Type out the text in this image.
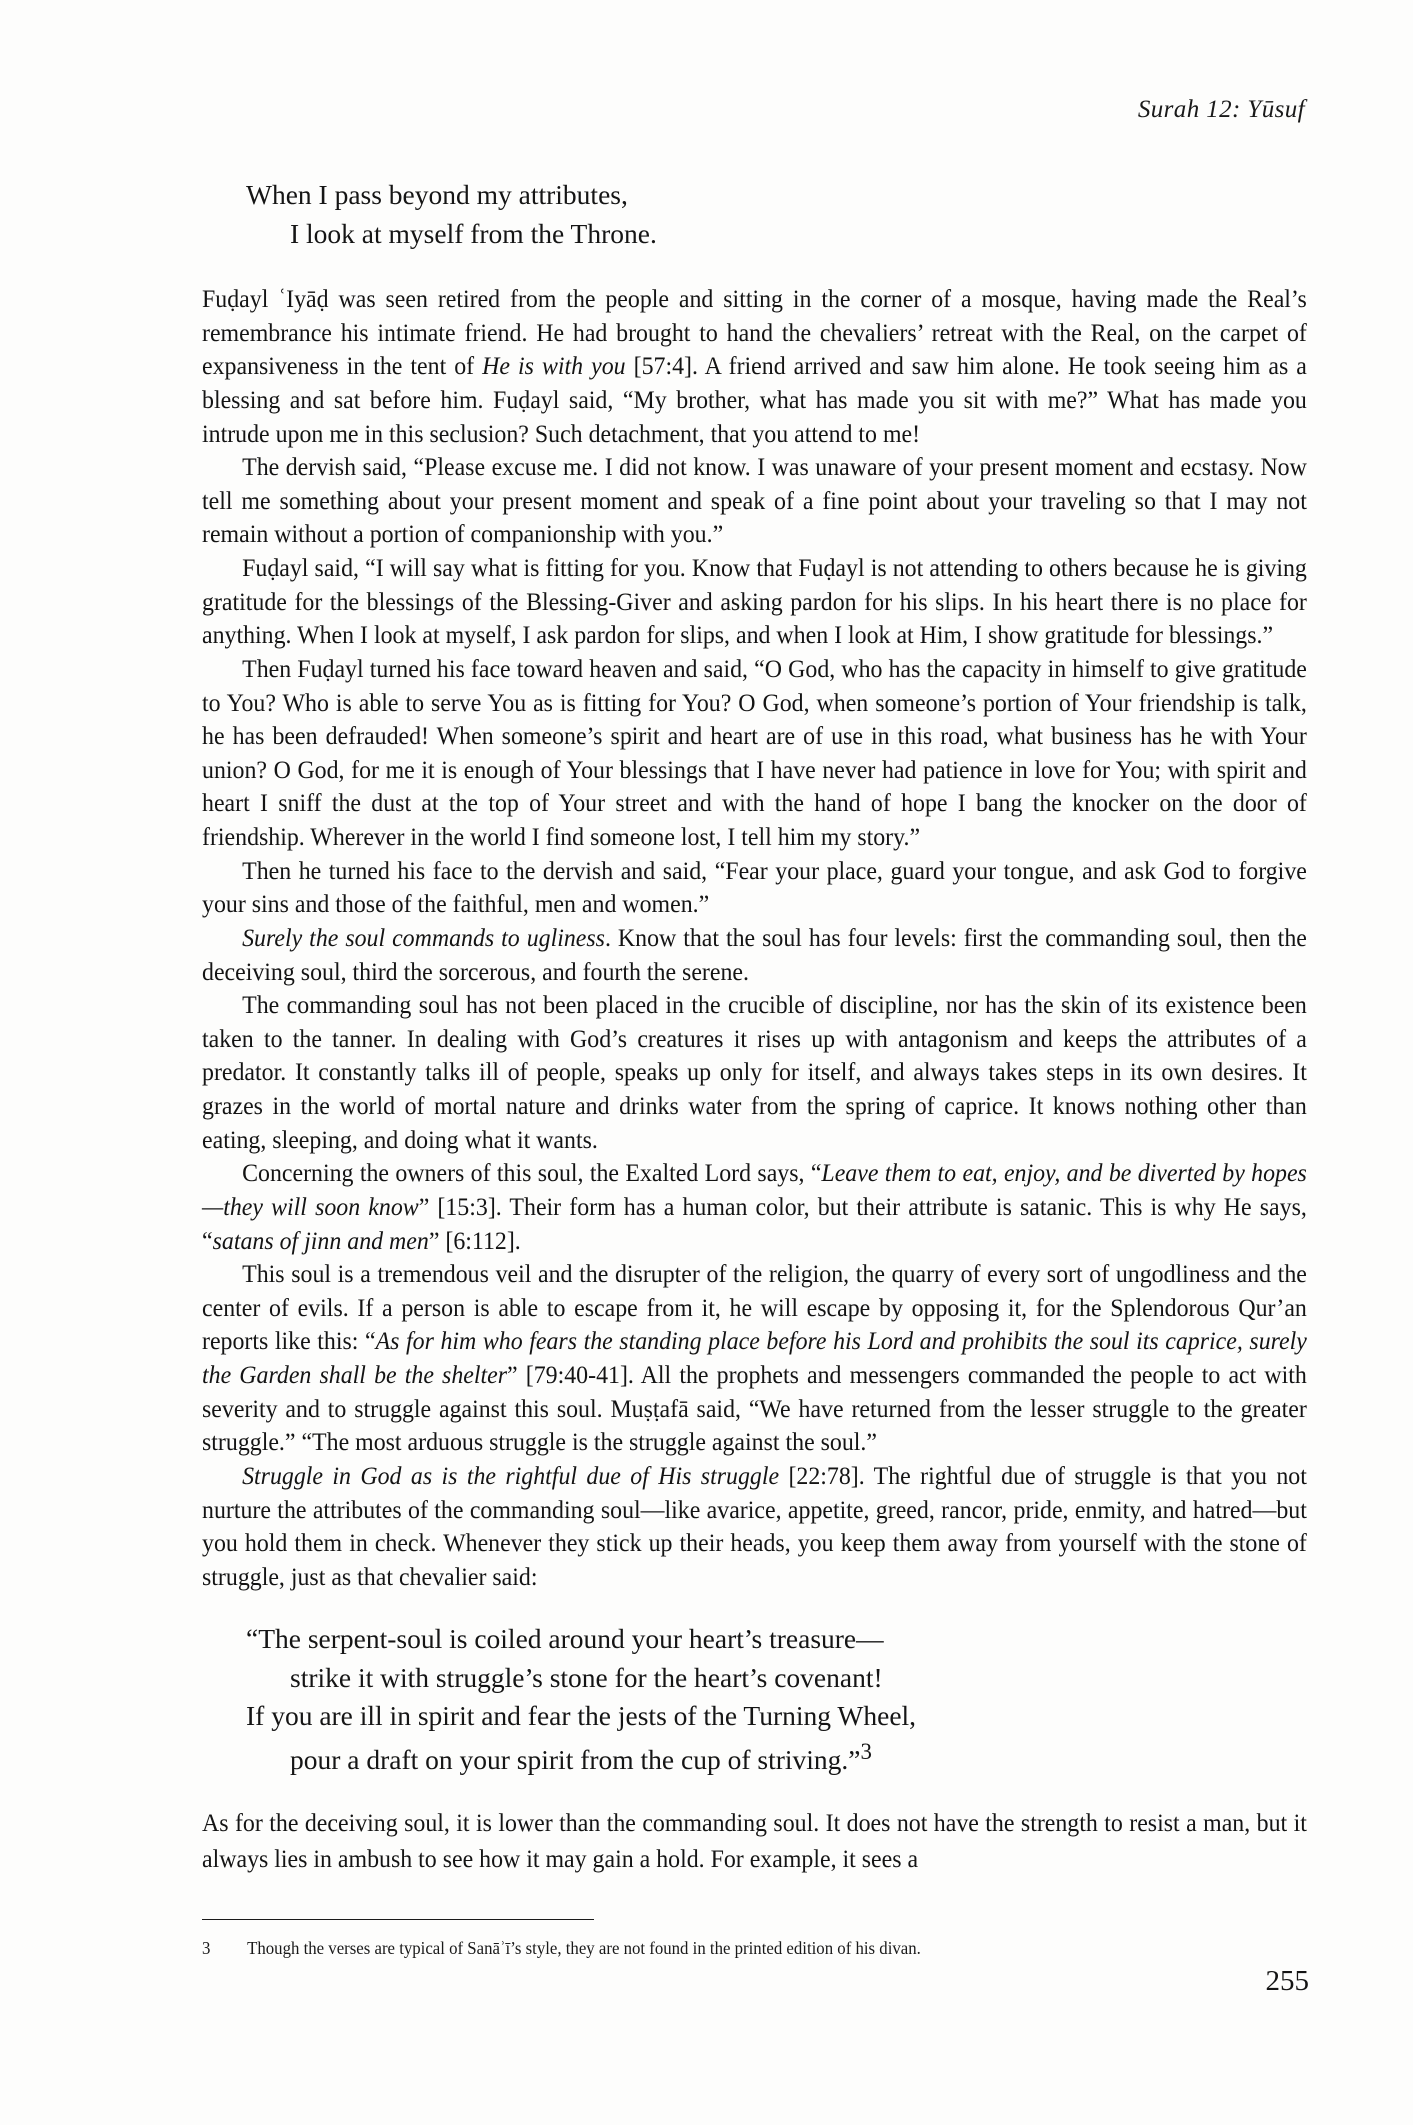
Surah 12: Yūsuf
When I pass beyond my attributes,
I look at myself from the Throne.

Fuḍayl ʿIyāḍ was seen retired from the people and sitting in the corner of a mosque, having made the Real’s remembrance his intimate friend. He had brought to hand the chevaliers’ retreat with the Real, on the carpet of expansiveness in the tent of He is with you [57:4]. A friend arrived and saw him alone. He took seeing him as a blessing and sat before him. Fuḍayl said, “My brother, what has made you sit with me?” What has made you intrude upon me in this seclusion? Such detachment, that you attend to me!

The dervish said, “Please excuse me. I did not know. I was unaware of your present moment and ecstasy. Now tell me something about your present moment and speak of a fine point about your traveling so that I may not remain without a portion of companionship with you.”

Fuḍayl said, “I will say what is fitting for you. Know that Fuḍayl is not attending to others because he is giving gratitude for the blessings of the Blessing-Giver and asking pardon for his slips. In his heart there is no place for anything. When I look at myself, I ask pardon for slips, and when I look at Him, I show gratitude for blessings.”

Then Fuḍayl turned his face toward heaven and said, “O God, who has the capacity in himself to give gratitude to You? Who is able to serve You as is fitting for You? O God, when someone’s portion of Your friendship is talk, he has been defrauded! When someone’s spirit and heart are of use in this road, what business has he with Your union? O God, for me it is enough of Your blessings that I have never had patience in love for You; with spirit and heart I sniff the dust at the top of Your street and with the hand of hope I bang the knocker on the door of friendship. Wherever in the world I find someone lost, I tell him my story.”

Then he turned his face to the dervish and said, “Fear your place, guard your tongue, and ask God to forgive your sins and those of the faithful, men and women.”

Surely the soul commands to ugliness. Know that the soul has four levels: first the commanding soul, then the deceiving soul, third the sorcerous, and fourth the serene.

The commanding soul has not been placed in the crucible of discipline, nor has the skin of its existence been taken to the tanner. In dealing with God’s creatures it rises up with antagonism and keeps the attributes of a predator. It constantly talks ill of people, speaks up only for itself, and always takes steps in its own desires. It grazes in the world of mortal nature and drinks water from the spring of caprice. It knows nothing other than eating, sleeping, and doing what it wants.

Concerning the owners of this soul, the Exalted Lord says, “Leave them to eat, enjoy, and be diverted by hopes—they will soon know” [15:3]. Their form has a human color, but their attribute is satanic. This is why He says, “satans of jinn and men” [6:112].

This soul is a tremendous veil and the disrupter of the religion, the quarry of every sort of ungodliness and the center of evils. If a person is able to escape from it, he will escape by opposing it, for the Splendorous Qur’an reports like this: “As for him who fears the standing place before his Lord and prohibits the soul its caprice, surely the Garden shall be the shelter” [79:40-41]. All the prophets and messengers commanded the people to act with severity and to struggle against this soul. Muṣṭafā said, “We have returned from the lesser struggle to the greater struggle.” “The most arduous struggle is the struggle against the soul.”

Struggle in God as is the rightful due of His struggle [22:78]. The rightful due of struggle is that you not nurture the attributes of the commanding soul—like avarice, appetite, greed, rancor, pride, enmity, and hatred—but you hold them in check. Whenever they stick up their heads, you keep them away from yourself with the stone of struggle, just as that chevalier said:

“The serpent-soul is coiled around your heart’s treasure—
strike it with struggle’s stone for the heart’s covenant!
If you are ill in spirit and fear the jests of the Turning Wheel,
pour a draft on your spirit from the cup of striving.”$^3$

As for the deceiving soul, it is lower than the commanding soul. It does not have the strength to resist a man, but it always lies in ambush to see how it may gain a hold. For example, it sees a

3	Though the verses are typical of Sanāʾī’s style, they are not found in the printed edition of his divan.
255
